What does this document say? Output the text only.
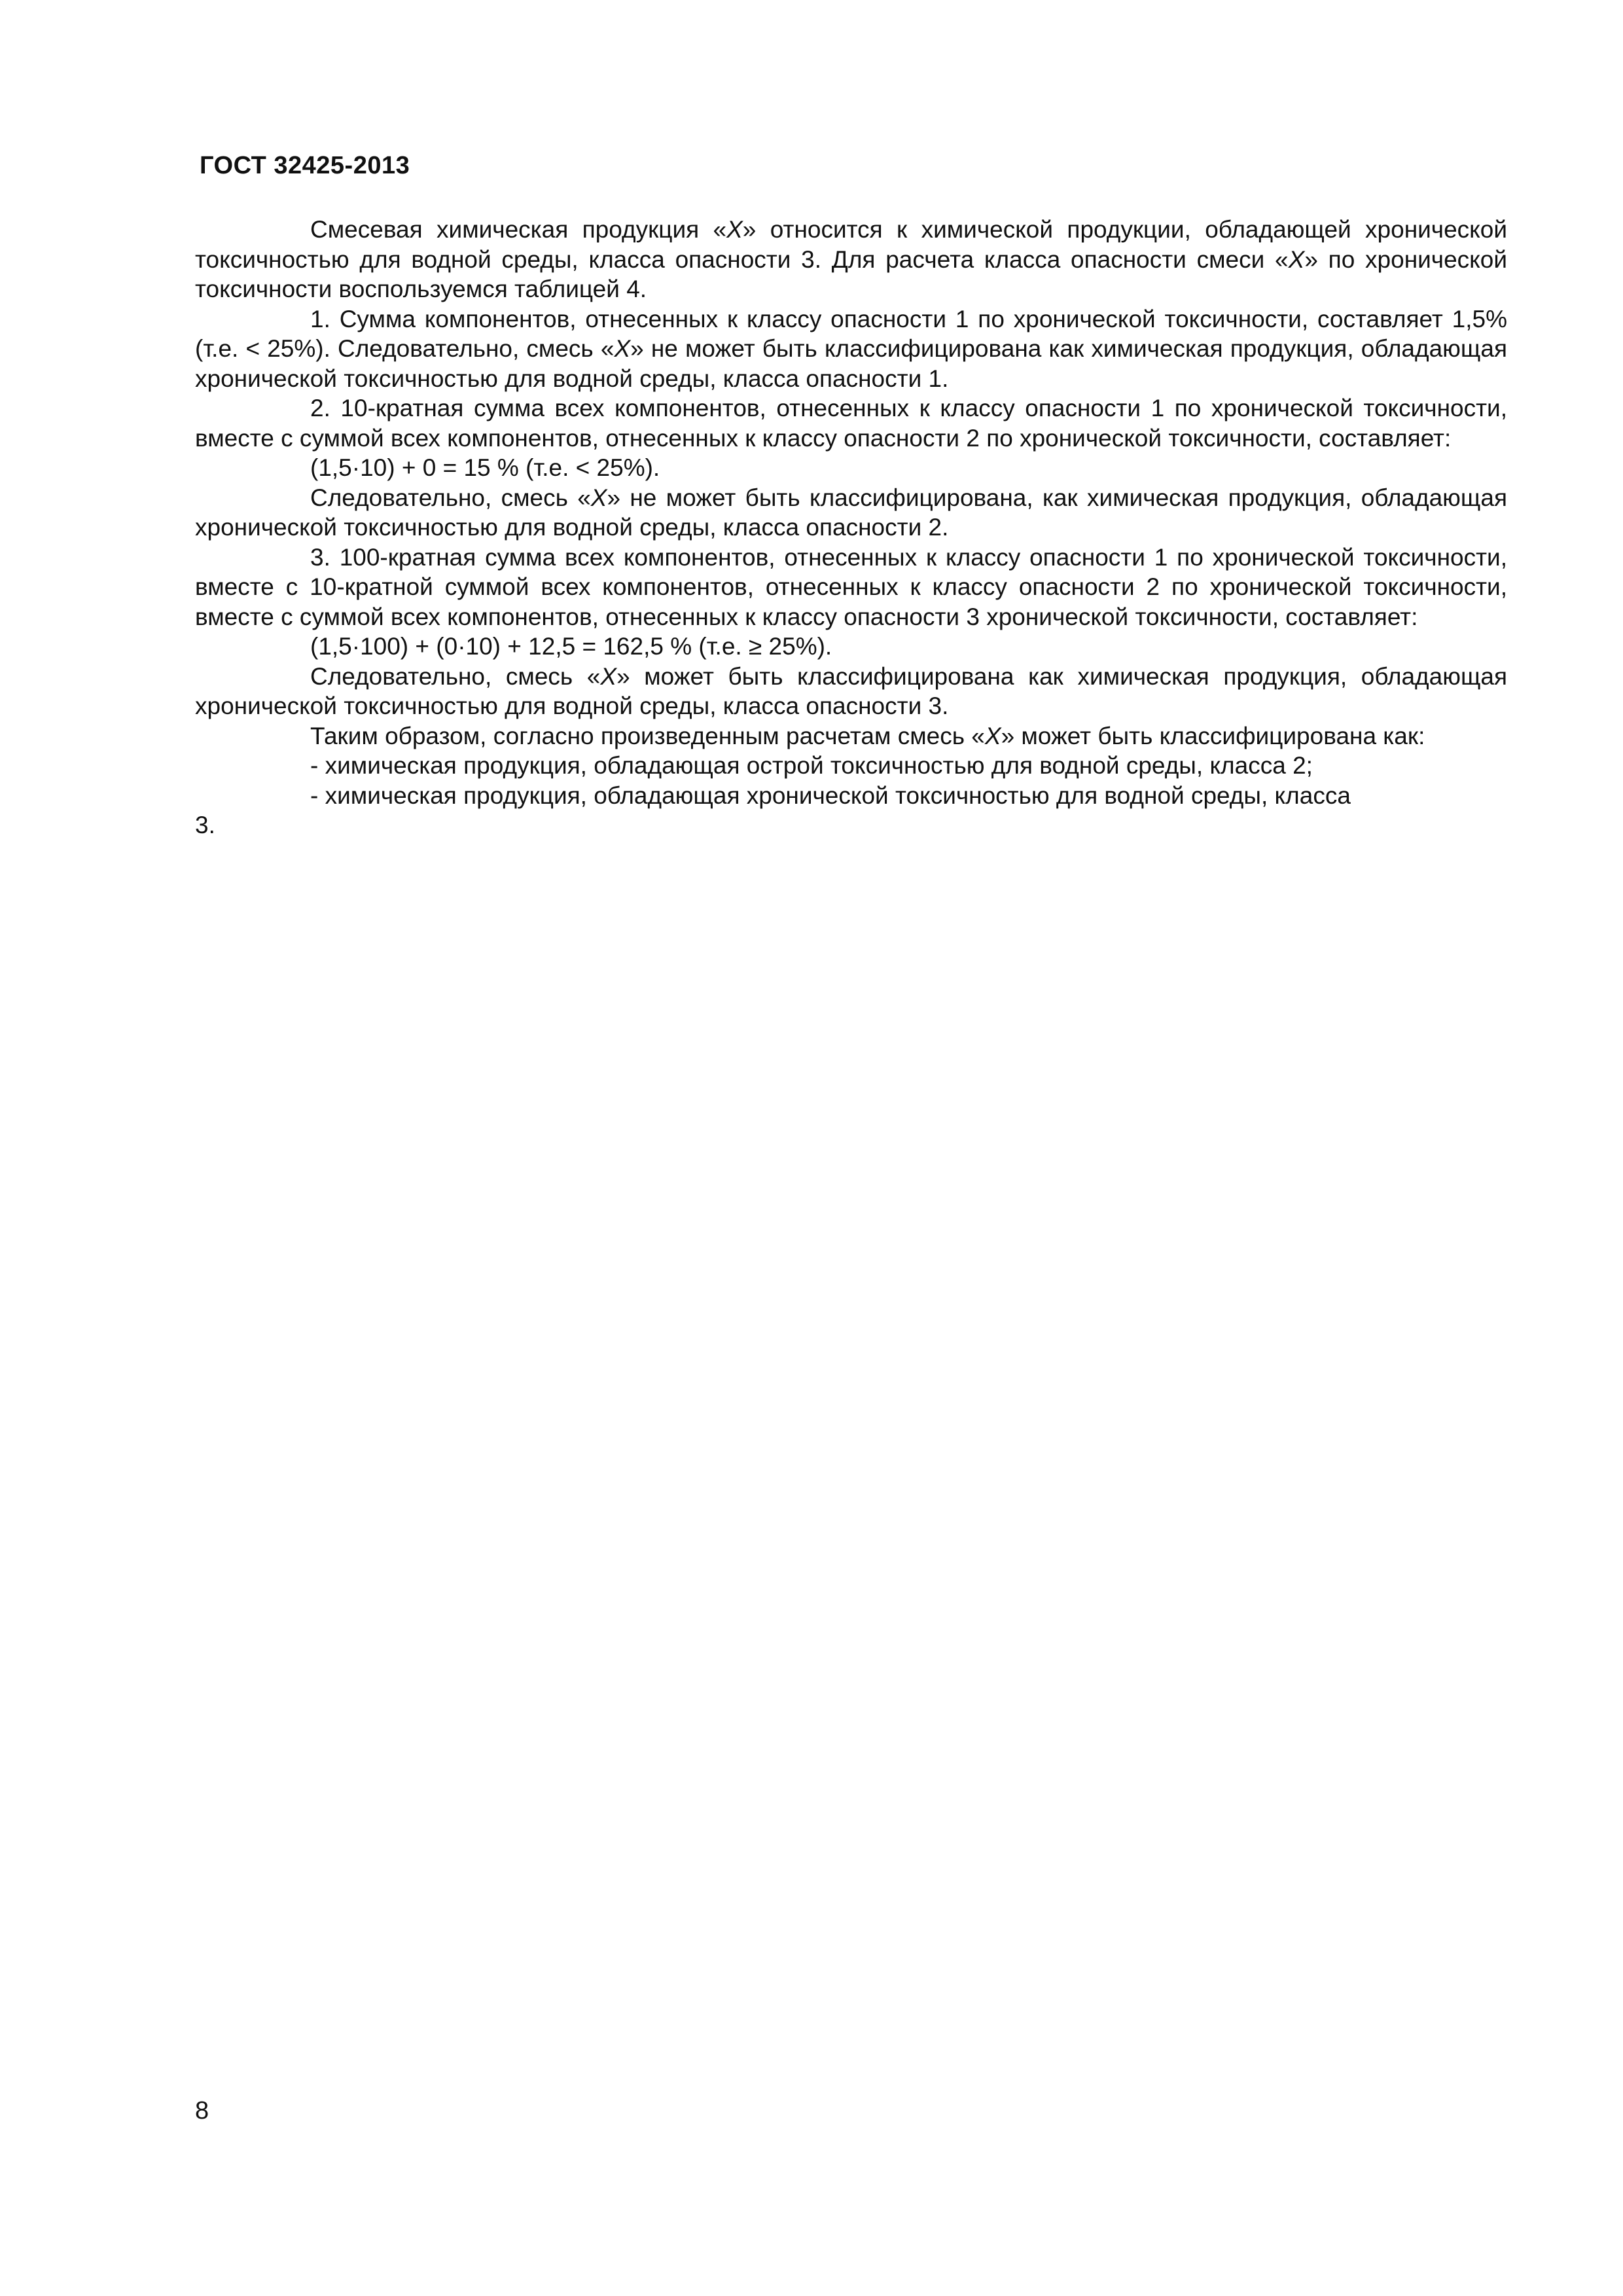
ГОСТ 32425-2013

Смесевая химическая продукция «X» относится к химической продукции, обладающей хронической токсичностью для водной среды, класса опасности 3. Для расчета класса опасности смеси «X» по хронической токсичности воспользуемся таблицей 4.

1. Сумма компонентов, отнесенных к классу опасности 1 по хронической токсичности, составляет 1,5% (т.е. < 25%). Следовательно, смесь «X» не может быть классифицирована как химическая продукция, обладающая хронической токсичностью для водной среды, класса опасности 1.

2. 10-кратная сумма всех компонентов, отнесенных к классу опасности 1 по хронической токсичности, вместе с суммой всех компонентов, отнесенных к классу опасности 2 по хронической токсичности, составляет:

(1,5·10) + 0 = 15 % (т.е. < 25%).

Следовательно, смесь «X» не может быть классифицирована, как химическая продукция, обладающая хронической токсичностью для водной среды, класса опасности 2.

3. 100-кратная сумма всех компонентов, отнесенных к классу опасности 1 по хронической токсичности, вместе с 10-кратной суммой всех компонентов, отнесенных к классу опасности 2 по хронической токсичности, вместе с суммой всех компонентов, отнесенных к классу опасности 3 хронической токсичности, составляет:

(1,5·100) + (0·10) + 12,5 = 162,5 % (т.е. ≥ 25%).

Следовательно, смесь «X» может быть классифицирована как химическая продукция, обладающая хронической токсичностью для водной среды, класса опасности 3.

Таким образом, согласно произведенным расчетам смесь «X» может быть классифицирована как:

- химическая продукция, обладающая острой токсичностью для водной среды, класса 2;

- химическая продукция, обладающая хронической токсичностью для водной среды, класса

3.

8
